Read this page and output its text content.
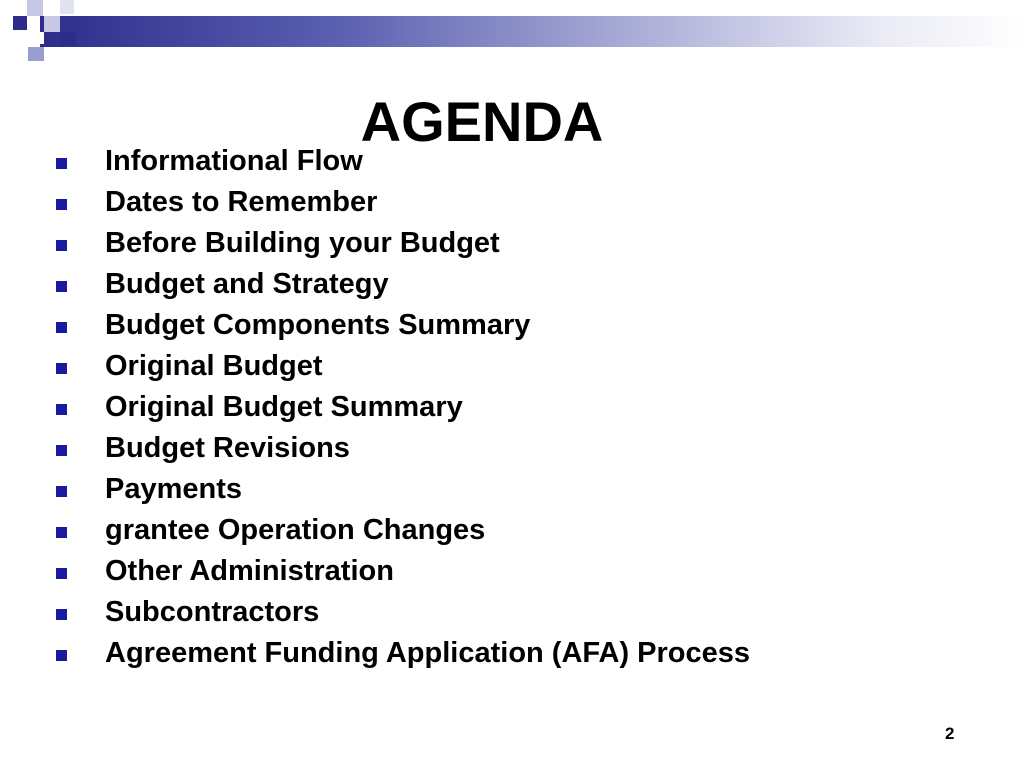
AGENDA
Informational Flow
Dates to Remember
Before Building your Budget
Budget and Strategy
Budget Components Summary
Original Budget
Original Budget Summary
Budget Revisions
Payments
grantee Operation Changes
Other Administration
Subcontractors
Agreement Funding Application (AFA) Process
2
